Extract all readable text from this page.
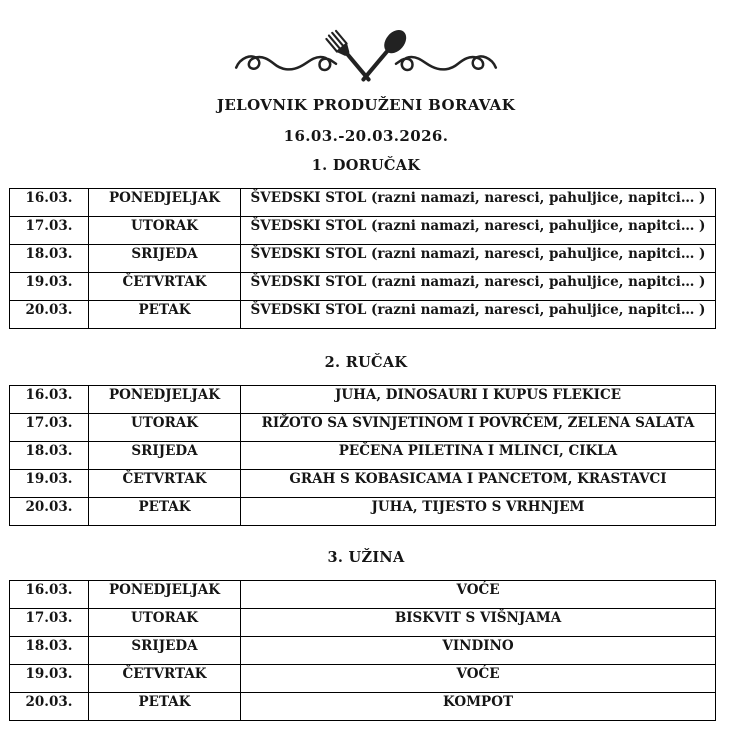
JELOVNIK PRODUŽENI BORAVAK
16.03.-20.03.2026.
1. DORUČAK
16.03.	PONEDJELJAK	ŠVEDSKI STOL (razni namazi, naresci, pahuljice, napitci… )
17.03.	UTORAK	ŠVEDSKI STOL (razni namazi, naresci, pahuljice, napitci… )
18.03.	SRIJEDA	ŠVEDSKI STOL (razni namazi, naresci, pahuljice, napitci… )
19.03.	ČETVRTAK	ŠVEDSKI STOL (razni namazi, naresci, pahuljice, napitci… )
20.03.	PETAK	ŠVEDSKI STOL (razni namazi, naresci, pahuljice, napitci… )
2. RUČAK
16.03.	PONEDJELJAK	JUHA, DINOSAURI I KUPUS FLEKICE
17.03.	UTORAK	RIŽOTO SA SVINJETINOM I POVRĆEM, ZELENA SALATA
18.03.	SRIJEDA	PEČENA PILETINA I MLINCI, CIKLA
19.03.	ČETVRTAK	GRAH S KOBASICAMA I PANCETOM, KRASTAVCI
20.03.	PETAK	JUHA, TIJESTO S VRHNJEM
3. UŽINA
16.03.	PONEDJELJAK	VOĆE
17.03.	UTORAK	BISKVIT S VIŠNJAMA
18.03.	SRIJEDA	VINDINO
19.03.	ČETVRTAK	VOĆE
20.03.	PETAK	KOMPOT
